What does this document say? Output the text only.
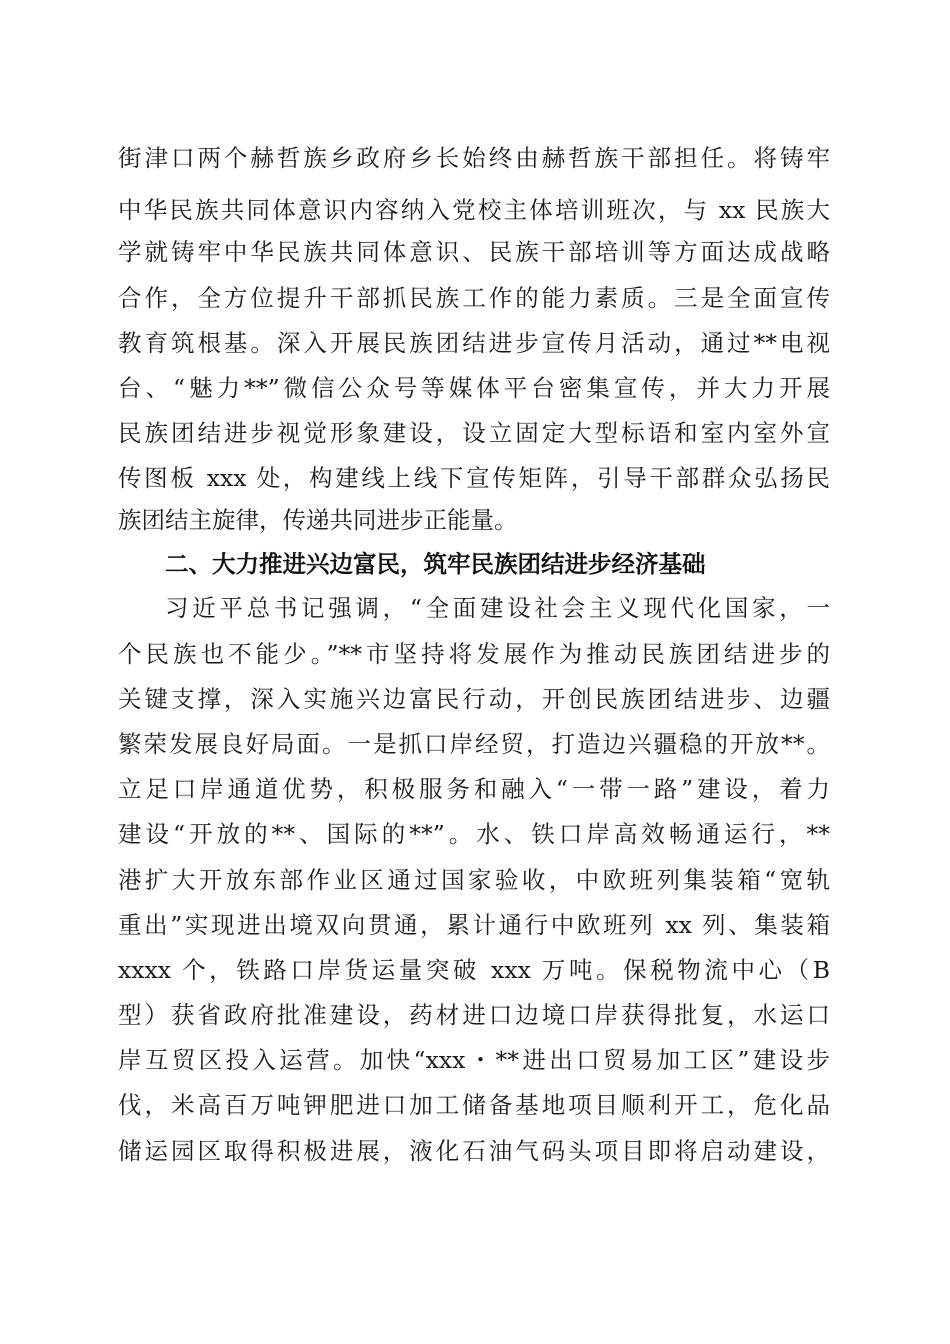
街津口两个赫哲族乡政府乡长始终由赫哲族干部担任。将铸牢
中华民族共同体意识内容纳入党校主体培训班次，与 xx 民族大
学就铸牢中华民族共同体意识、民族干部培训等方面达成战略
合作，全方位提升干部抓民族工作的能力素质。三是全面宣传
教育筑根基。深入开展民族团结进步宣传月活动，通过**电视
台、“魅力**”微信公众号等媒体平台密集宣传，并大力开展
民族团结进步视觉形象建设，设立固定大型标语和室内室外宣
传图板 xxx 处，构建线上线下宣传矩阵，引导干部群众弘扬民
族团结主旋律，传递共同进步正能量。
二、大力推进兴边富民，筑牢民族团结进步经济基础
习近平总书记强调，“全面建设社会主义现代化国家，一
个民族也不能少。”**市坚持将发展作为推动民族团结进步的
关键支撑，深入实施兴边富民行动，开创民族团结进步、边疆
繁荣发展良好局面。一是抓口岸经贸，打造边兴疆稳的开放**。
立足口岸通道优势，积极服务和融入“一带一路”建设，着力
建设“开放的**、国际的**”。水、铁口岸高效畅通运行，**
港扩大开放东部作业区通过国家验收，中欧班列集装箱“宽轨
重出”实现进出境双向贯通，累计通行中欧班列 xx 列、集装箱
xxxx 个，铁路口岸货运量突破 xxx 万吨。保税物流中心（B
型）获省政府批准建设，药材进口边境口岸获得批复，水运口
岸互贸区投入运营。加快“xxx・**进出口贸易加工区”建设步
伐，米高百万吨钾肥进口加工储备基地项目顺利开工，危化品
储运园区取得积极进展，液化石油气码头项目即将启动建设，
